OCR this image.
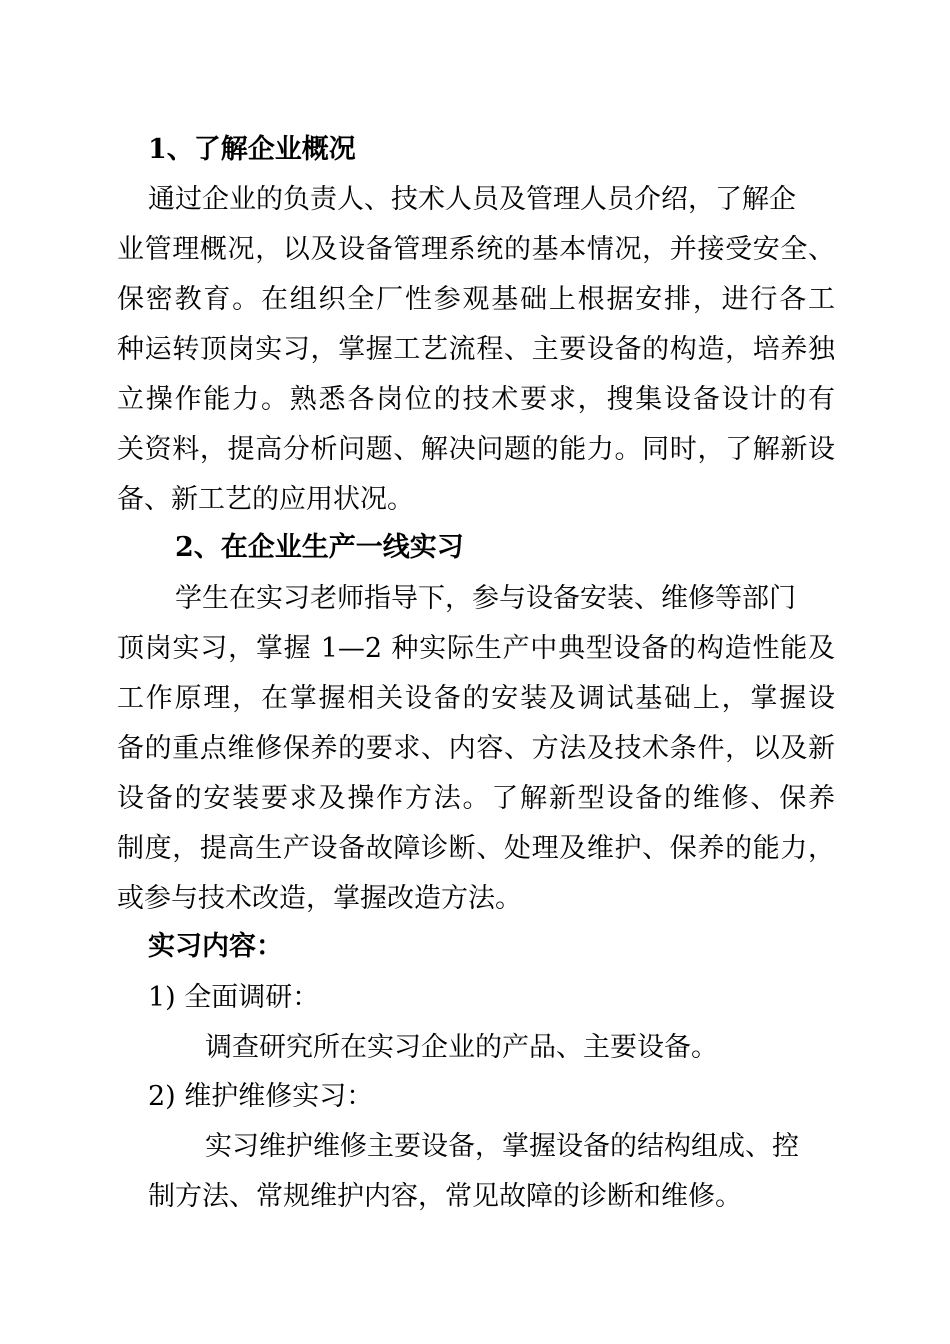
1、了解企业概况
通过企业的负责人、技术人员及管理人员介绍，了解企
业管理概况，以及设备管理系统的基本情况，并接受安全、
保密教育。在组织全厂性参观基础上根据安排，进行各工
种运转顶岗实习，掌握工艺流程、主要设备的构造，培养独
立操作能力。熟悉各岗位的技术要求，搜集设备设计的有
关资料，提高分析问题、解决问题的能力。同时，了解新设
备、新工艺的应用状况。
2、在企业生产一线实习
学生在实习老师指导下，参与设备安装、维修等部门
顶岗实习，掌握 1—2 种实际生产中典型设备的构造性能及
工作原理，在掌握相关设备的安装及调试基础上，掌握设
备的重点维修保养的要求、内容、方法及技术条件，以及新
设备的安装要求及操作方法。了解新型设备的维修、保养
制度，提高生产设备故障诊断、处理及维护、保养的能力，
或参与技术改造，掌握改造方法。
实习内容：
1) 全面调研：
调查研究所在实习企业的产品、主要设备。
2) 维护维修实习：
实习维护维修主要设备，掌握设备的结构组成、控
制方法、常规维护内容，常见故障的诊断和维修。
